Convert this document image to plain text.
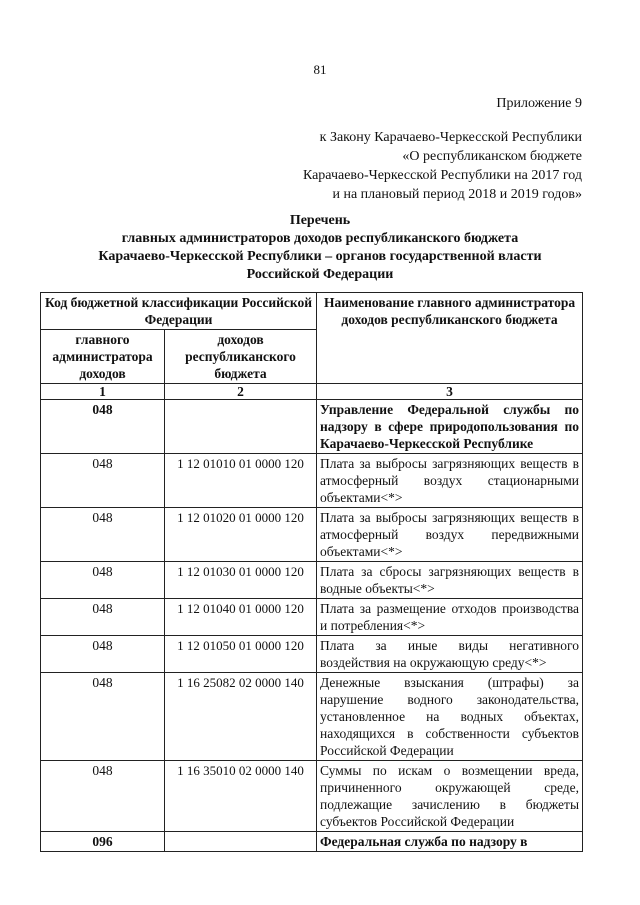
81
Приложение 9
к Закону Карачаево-Черкесской Республики
«О республиканском бюджете
Карачаево-Черкесской Республики на 2017 год
и на плановый период 2018 и 2019 годов»
Перечень
главных администраторов доходов республиканского бюджета
Карачаево-Черкесской Республики – органов государственной власти
Российской Федерации
Код бюджетной классификации Российской Федерации		Наименование главного администратора доходов республиканского бюджета
главного администратора доходов	доходов республиканского бюджета	
1	2	3
048		Управление Федеральной службы по надзору в сфере природопользования по Карачаево-Черкесской Республике
048	1 12 01010 01 0000 120	Плата за выбросы загрязняющих веществ в атмосферный воздух стационарными объектами<*>
048	1 12 01020 01 0000 120	Плата за выбросы загрязняющих веществ в атмосферный воздух передвижными объектами<*>
048	1 12 01030 01 0000 120	Плата за сбросы загрязняющих веществ в водные объекты<*>
048	1 12 01040 01 0000 120	Плата за размещение отходов производства и потребления<*>
048	1 12 01050 01 0000 120	Плата за иные виды негативного воздействия на окружающую среду<*>
048	1 16 25082 02 0000 140	Денежные взыскания (штрафы) за нарушение водного законодательства, установленное на водных объектах, находящихся в собственности субъектов Российской Федерации
048	1 16 35010 02 0000 140	Суммы по искам о возмещении вреда, причиненного окружающей среде, подлежащие зачислению в бюджеты субъектов Российской Федерации
096		Федеральная служба по надзору в
